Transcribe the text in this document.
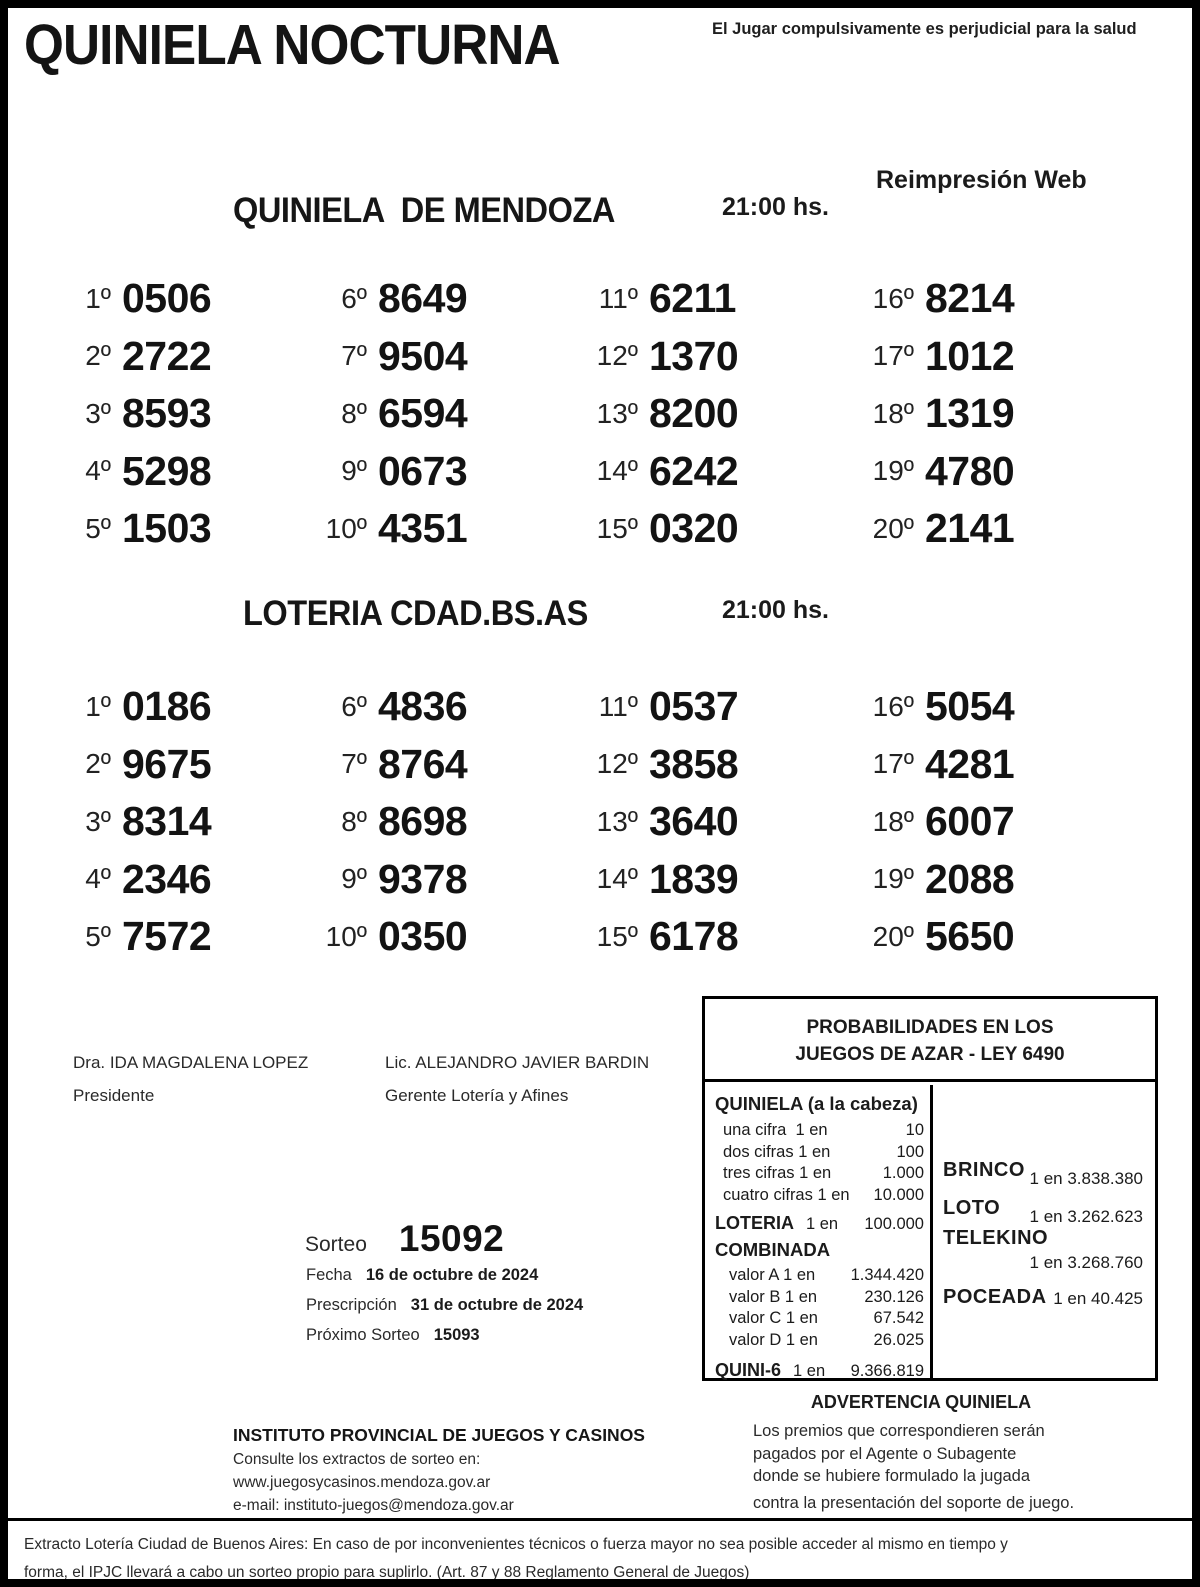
QUINIELA NOCTURNA	El Jugar compulsivamente es perjudicial para la salud
Reimpresión Web
QUINIELA  DE MENDOZA	21:00 hs.
1º 0506
2º 2722
3º 8593
4º 5298
5º 1503
6º 8649
7º 9504
8º 6594
9º 0673
10º 4351
11º 6211
12º 1370
13º 8200
14º 6242
15º 0320
16º 8214
17º 1012
18º 1319
19º 4780
20º 2141
LOTERIA CDAD.BS.AS	21:00 hs.
1º 0186
2º 9675
3º 8314
4º 2346
5º 7572
6º 4836
7º 8764
8º 8698
9º 9378
10º 0350
11º 0537
12º 3858
13º 3640
14º 1839
15º 6178
16º 5054
17º 4281
18º 6007
19º 2088
20º 5650
Dra. IDA MAGDALENA LOPEZ
Presidente
Lic. ALEJANDRO JAVIER BARDIN
Gerente Lotería y Afines
Sorteo 15092
Fecha 16 de octubre de 2024
Prescripción 31 de octubre de 2024
Próximo Sorteo 15093
PROBABILIDADES EN LOS
JUEGOS DE AZAR - LEY 6490
QUINIELA (a la cabeza)
una cifra  1 en	10
dos cifras 1 en	100
tres cifras 1 en	1.000
cuatro cifras 1 en 10.000
LOTERIA 1 en 100.000
COMBINADA
valor A 1 en 1.344.420
valor B 1 en	230.126
valor C 1 en	67.542
valor D 1 en	26.025
QUINI-6 1 en 9.366.819
BRINCO 1 en 3.838.380
LOTO 1 en 3.262.623
TELEKINO
1 en 3.268.760
POCEADA 1 en 40.425
ADVERTENCIA QUINIELA
Los premios que correspondieren serán
pagados por el Agente o Subagente
donde se hubiere formulado la jugada
contra la presentación del soporte de juego.
INSTITUTO PROVINCIAL DE JUEGOS Y CASINOS
Consulte los extractos de sorteo en:
www.juegosycasinos.mendoza.gov.ar
e-mail: instituto-juegos@mendoza.gov.ar
Extracto Lotería Ciudad de Buenos Aires: En caso de por inconvenientes técnicos o fuerza mayor no sea posible acceder al mismo en tiempo y
forma, el IPJC llevará a cabo un sorteo propio para suplirlo. (Art. 87 y 88 Reglamento General de Juegos)
